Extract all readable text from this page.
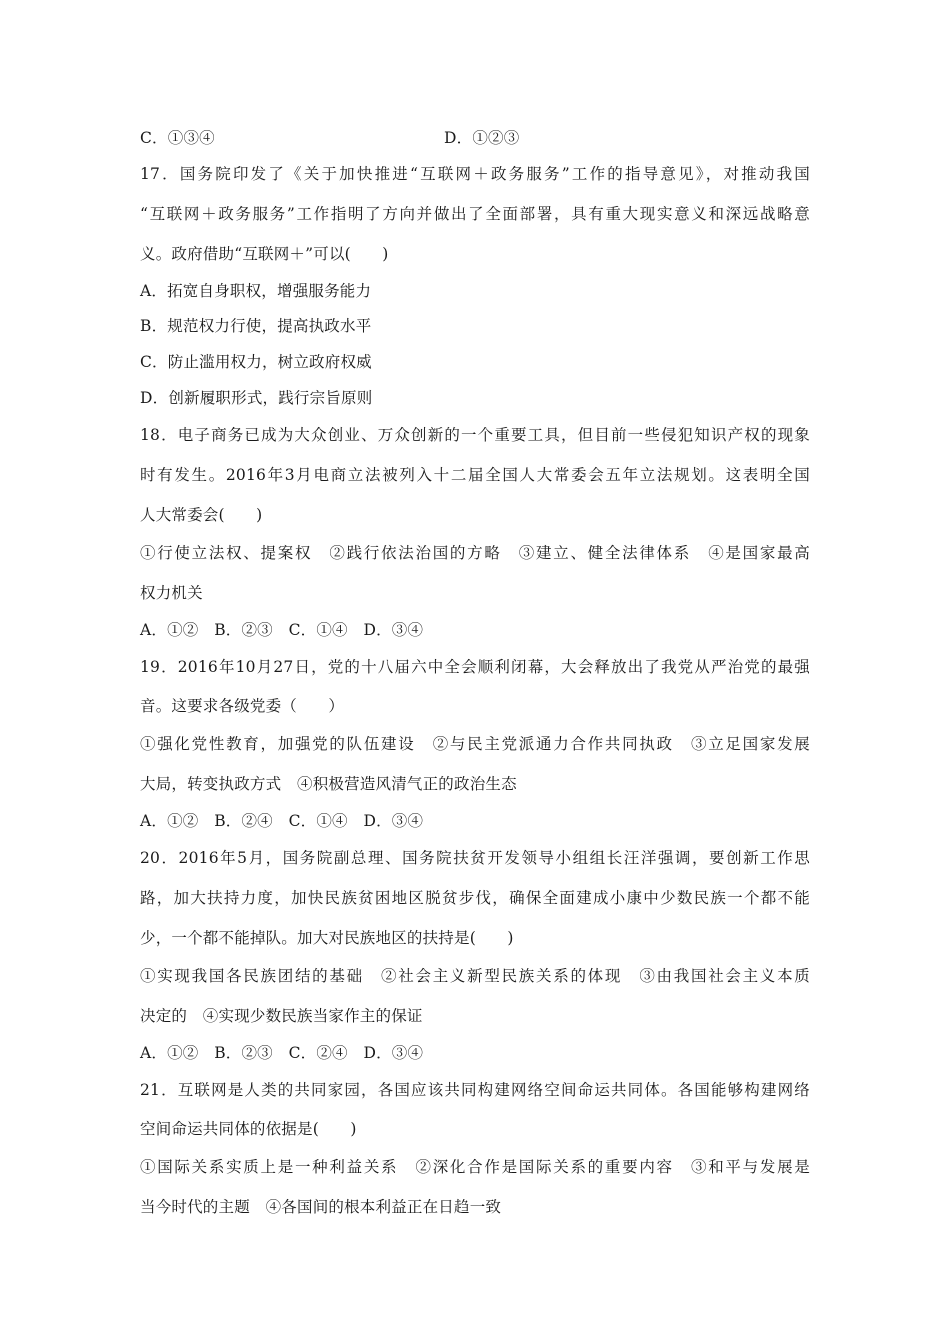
C．①③④	D．①②③
17．国务院印发了《关于加快推进“互联网＋政务服务”工作的指导意见》，对推动我国
“互联网＋政务服务”工作指明了方向并做出了全面部署，具有重大现实意义和深远战略意
义。政府借助“互联网＋”可以(　　)
A．拓宽自身职权，增强服务能力
B．规范权力行使，提高执政水平
C．防止滥用权力，树立政府权威
D．创新履职形式，践行宗旨原则
18．电子商务已成为大众创业、万众创新的一个重要工具，但目前一些侵犯知识产权的现象
时有发生。2016年3月电商立法被列入十二届全国人大常委会五年立法规划。这表明全国
人大常委会(　　)
①行使立法权、提案权　②践行依法治国的方略　③建立、健全法律体系　④是国家最高
权力机关
A．①②　B．②③　C．①④　D．③④
19．2016年10月27日，党的十八届六中全会顺利闭幕，大会释放出了我党从严治党的最强
音。这要求各级党委（　　）
①强化党性教育，加强党的队伍建设　②与民主党派通力合作共同执政　③立足国家发展
大局，转变执政方式　④积极营造风清气正的政治生态
A．①②　B．②④　C．①④　D．③④
20．2016年5月，国务院副总理、国务院扶贫开发领导小组组长汪洋强调，要创新工作思
路，加大扶持力度，加快民族贫困地区脱贫步伐，确保全面建成小康中少数民族一个都不能
少，一个都不能掉队。加大对民族地区的扶持是(　　)
①实现我国各民族团结的基础　②社会主义新型民族关系的体现　③由我国社会主义本质
决定的　④实现少数民族当家作主的保证
A．①②　B．②③　C．②④　D．③④
21．互联网是人类的共同家园，各国应该共同构建网络空间命运共同体。各国能够构建网络
空间命运共同体的依据是(　　)
①国际关系实质上是一种利益关系　②深化合作是国际关系的重要内容　③和平与发展是
当今时代的主题　④各国间的根本利益正在日趋一致
